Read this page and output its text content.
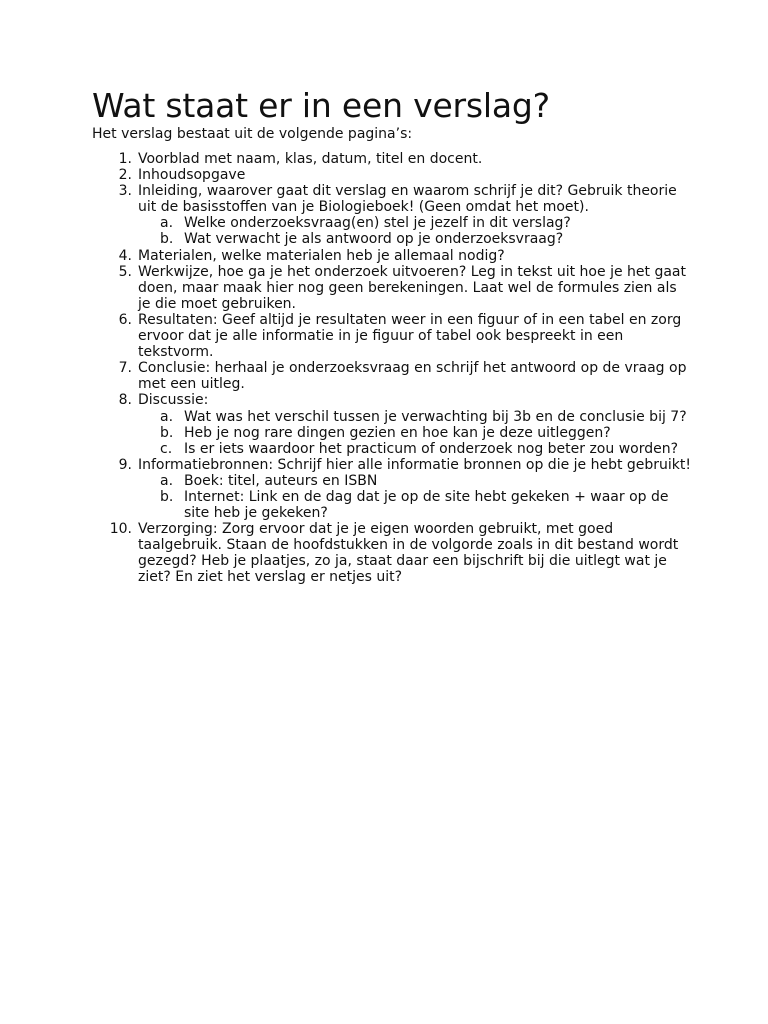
Wat staat er in een verslag?

Het verslag bestaat uit de volgende pagina’s:

1. Voorblad met naam, klas, datum, titel en docent.
2. Inhoudsopgave
3. Inleiding, waarover gaat dit verslag en waarom schrijf je dit? Gebruik theorie uit de basisstoffen van je Biologieboek! (Geen omdat het moet).
a. Welke onderzoeksvraag(en) stel je jezelf in dit verslag?
b. Wat verwacht je als antwoord op je onderzoeksvraag?
4. Materialen, welke materialen heb je allemaal nodig?
5. Werkwijze, hoe ga je het onderzoek uitvoeren? Leg in tekst uit hoe je het gaat doen, maar maak hier nog geen berekeningen. Laat wel de formules zien als je die moet gebruiken.
6. Resultaten: Geef altijd je resultaten weer in een figuur of in een tabel en zorg ervoor dat je alle informatie in je figuur of tabel ook bespreekt in een tekstvorm.
7. Conclusie: herhaal je onderzoeksvraag en schrijf het antwoord op de vraag op met een uitleg.
8. Discussie:
a. Wat was het verschil tussen je verwachting bij 3b en de conclusie bij 7?
b. Heb je nog rare dingen gezien en hoe kan je deze uitleggen?
c. Is er iets waardoor het practicum of onderzoek nog beter zou worden?
9. Informatiebronnen: Schrijf hier alle informatie bronnen op die je hebt gebruikt!
a. Boek: titel, auteurs en ISBN
b. Internet: Link en de dag dat je op de site hebt gekeken + waar op de site heb je gekeken?
10. Verzorging: Zorg ervoor dat je je eigen woorden gebruikt, met goed taalgebruik. Staan de hoofdstukken in de volgorde zoals in dit bestand wordt gezegd? Heb je plaatjes, zo ja, staat daar een bijschrift bij die uitlegt wat je ziet? En ziet het verslag er netjes uit?
